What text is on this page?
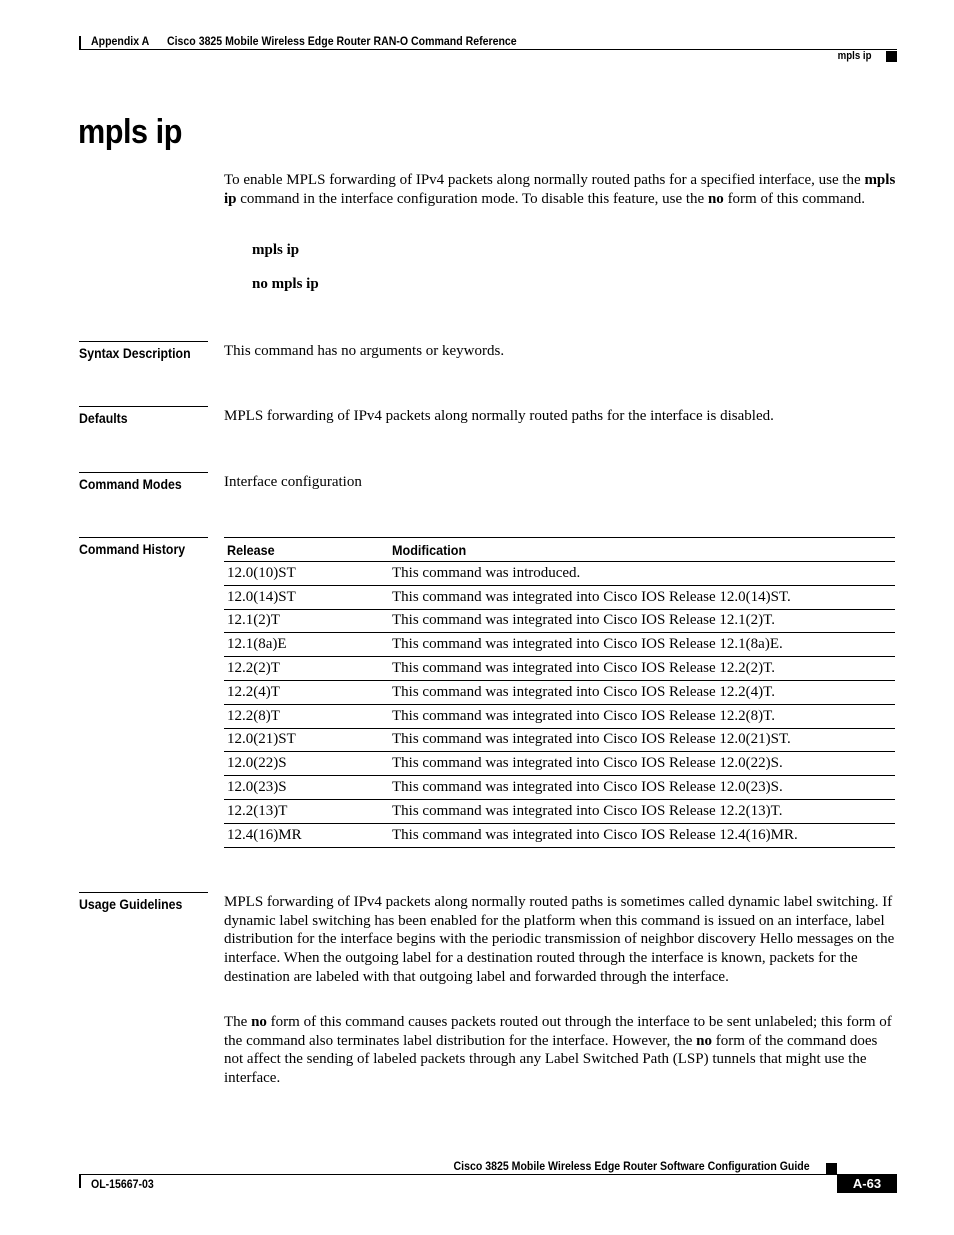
Appendix A Cisco 3825 Mobile Wireless Edge Router RAN-O Command Reference
mpls ip
mpls ip
To enable MPLS forwarding of IPv4 packets along normally routed paths for a specified interface, use the mpls ip command in the interface configuration mode. To disable this feature, use the no form of this command.
mpls ip
no mpls ip
Syntax Description	This command has no arguments or keywords.
Defaults	MPLS forwarding of IPv4 packets along normally routed paths for the interface is disabled.
Command Modes	Interface configuration
Command History	Release	Modification
12.0(10)ST	This command was introduced.
12.0(14)ST	This command was integrated into Cisco IOS Release 12.0(14)ST.
12.1(2)T	This command was integrated into Cisco IOS Release 12.1(2)T.
12.1(8a)E	This command was integrated into Cisco IOS Release 12.1(8a)E.
12.2(2)T	This command was integrated into Cisco IOS Release 12.2(2)T.
12.2(4)T	This command was integrated into Cisco IOS Release 12.2(4)T.
12.2(8)T	This command was integrated into Cisco IOS Release 12.2(8)T.
12.0(21)ST	This command was integrated into Cisco IOS Release 12.0(21)ST.
12.0(22)S	This command was integrated into Cisco IOS Release 12.0(22)S.
12.0(23)S	This command was integrated into Cisco IOS Release 12.0(23)S.
12.2(13)T	This command was integrated into Cisco IOS Release 12.2(13)T.
12.4(16)MR	This command was integrated into Cisco IOS Release 12.4(16)MR.
Usage Guidelines	MPLS forwarding of IPv4 packets along normally routed paths is sometimes called dynamic label switching. If dynamic label switching has been enabled for the platform when this command is issued on an interface, label distribution for the interface begins with the periodic transmission of neighbor discovery Hello messages on the interface. When the outgoing label for a destination routed through the interface is known, packets for the destination are labeled with that outgoing label and forwarded through the interface.
The no form of this command causes packets routed out through the interface to be sent unlabeled; this form of the command also terminates label distribution for the interface. However, the no form of the command does not affect the sending of labeled packets through any Label Switched Path (LSP) tunnels that might use the interface.
Cisco 3825 Mobile Wireless Edge Router Software Configuration Guide
OL-15667-03	A-63
